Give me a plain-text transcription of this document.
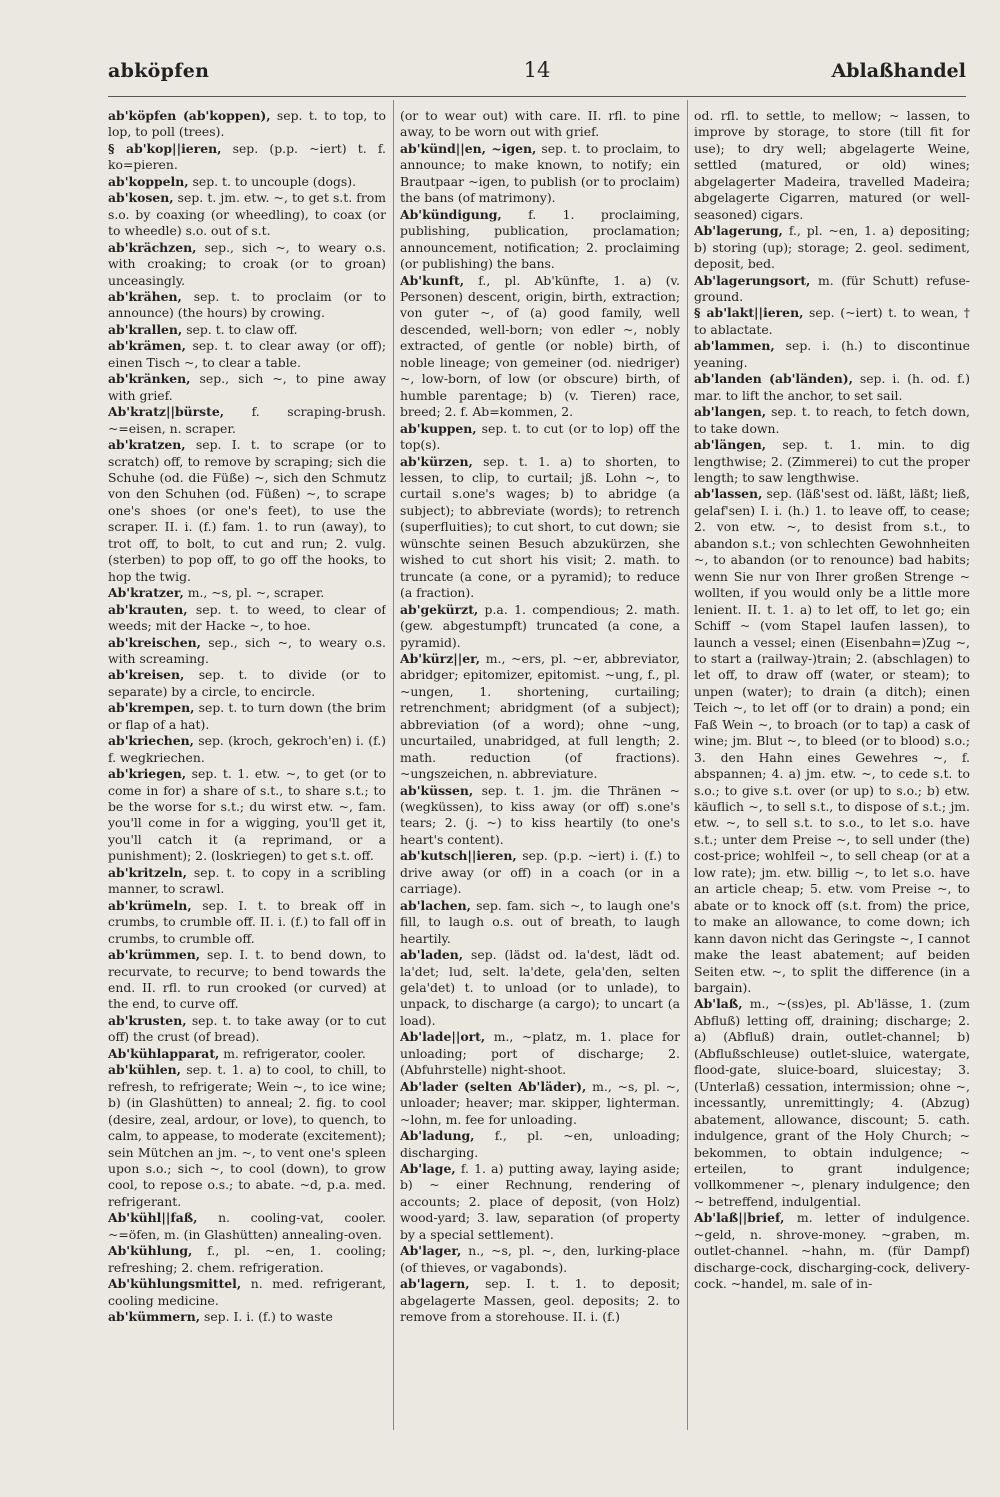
abköpfen	14	Ablaßhandel

ab'köpfen (ab'koppen), sep. t. to top, to lop, to poll (trees).

§ ab'kop||ieren, sep. (p.p. ~iert) t. f. ko=pieren.

ab'koppeln, sep. t. to uncouple (dogs).

ab'kosen, sep. t. jm. etw. ~, to get s.t. from s.o. by coaxing (or wheedling), to coax (or to wheedle) s.o. out of s.t.

ab'krächzen, sep., sich ~, to weary o.s. with croaking; to croak (or to groan) unceasingly.

ab'krähen, sep. t. to proclaim (or to announce) (the hours) by crowing.

ab'krallen, sep. t. to claw off.

ab'krämen, sep. t. to clear away (or off); einen Tisch ~, to clear a table.

ab'kränken, sep., sich ~, to pine away with grief.

Ab'kratz||bürste, f. scraping-brush. ~=eisen, n. scraper.

ab'kratzen, sep. I. t. to scrape (or to scratch) off, to remove by scraping; sich die Schuhe (od. die Füße) ~, sich den Schmutz von den Schuhen (od. Füßen) ~, to scrape one's shoes (or one's feet), to use the scraper. II. i. (f.) fam. 1. to run (away), to trot off, to bolt, to cut and run; 2. vulg. (sterben) to pop off, to go off the hooks, to hop the twig.

Ab'kratzer, m., ~s, pl. ~, scraper.

ab'krauten, sep. t. to weed, to clear of weeds; mit der Hacke ~, to hoe.

ab'kreischen, sep., sich ~, to weary o.s. with screaming.

ab'kreisen, sep. t. to divide (or to separate) by a circle, to encircle.

ab'krempen, sep. t. to turn down (the brim or flap of a hat).

ab'kriechen, sep. (kroch, gekroch'en) i. (f.) f. wegkriechen.

ab'kriegen, sep. t. 1. etw. ~, to get (or to come in for) a share of s.t., to share s.t.; to be the worse for s.t.; du wirst etw. ~, fam. you'll come in for a wigging, you'll get it, you'll catch it (a reprimand, or a punishment); 2. (loskriegen) to get s.t. off.

ab'kritzeln, sep. t. to copy in a scribling manner, to scrawl.

ab'krümeln, sep. I. t. to break off in crumbs, to crumble off. II. i. (f.) to fall off in crumbs, to crumble off.

ab'krümmen, sep. I. t. to bend down, to recurvate, to recurve; to bend towards the end. II. rfl. to run crooked (or curved) at the end, to curve off.

ab'krusten, sep. t. to take away (or to cut off) the crust (of bread).

Ab'kühlapparat, m. refrigerator, cooler.

ab'kühlen, sep. t. 1. a) to cool, to chill, to refresh, to refrigerate; Wein ~, to ice wine; b) (in Glashütten) to anneal; 2. fig. to cool (desire, zeal, ardour, or love), to quench, to calm, to appease, to moderate (excitement); sein Mütchen an jm. ~, to vent one's spleen upon s.o.; sich ~, to cool (down), to grow cool, to repose o.s.; to abate. ~d, p.a. med. refrigerant.

Ab'kühl||faß, n. cooling-vat, cooler. ~=öfen, m. (in Glashütten) annealing-oven.

Ab'kühlung, f., pl. ~en, 1. cooling; refreshing; 2. chem. refrigeration.

Ab'kühlungsmittel, n. med. refrigerant, cooling medicine.

ab'kümmern, sep. I. i. (f.) to waste

(or to wear out) with care. II. rfl. to pine away, to be worn out with grief.

ab'künd||en, ~igen, sep. t. to proclaim, to announce; to make known, to notify; ein Brautpaar ~igen, to publish (or to proclaim) the bans (of matrimony).

Ab'kündigung, f. 1. proclaiming, publishing, publication, proclamation; announcement, notification; 2. proclaiming (or publishing) the bans.

Ab'kunft, f., pl. Ab'künfte, 1. a) (v. Personen) descent, origin, birth, extraction; von guter ~, of (a) good family, well descended, well-born; von edler ~, nobly extracted, of gentle (or noble) birth, of noble lineage; von gemeiner (od. niedriger) ~, low-born, of low (or obscure) birth, of humble parentage; b) (v. Tieren) race, breed; 2. f. Ab=kommen, 2.

ab'kuppen, sep. t. to cut (or to lop) off the top(s).

ab'kürzen, sep. t. 1. a) to shorten, to lessen, to clip, to curtail; jß. Lohn ~, to curtail s.one's wages; b) to abridge (a subject); to abbreviate (words); to retrench (superfluities); to cut short, to cut down; sie wünschte seinen Besuch abzukürzen, she wished to cut short his visit; 2. math. to truncate (a cone, or a pyramid); to reduce (a fraction).

ab'gekürzt, p.a. 1. compendious; 2. math. (gew. abgestumpft) truncated (a cone, a pyramid).

Ab'kürz||er, m., ~ers, pl. ~er, abbreviator, abridger; epitomizer, epitomist. ~ung, f., pl. ~ungen, 1. shortening, curtailing; retrenchment; abridgment (of a subject); abbreviation (of a word); ohne ~ung, uncurtailed, unabridged, at full length; 2. math. reduction (of fractions). ~ungszeichen, n. abbreviature.

ab'küssen, sep. t. 1. jm. die Thränen ~ (wegküssen), to kiss away (or off) s.one's tears; 2. (j. ~) to kiss heartily (to one's heart's content).

ab'kutsch||ieren, sep. (p.p. ~iert) i. (f.) to drive away (or off) in a coach (or in a carriage).

ab'lachen, sep. fam. sich ~, to laugh one's fill, to laugh o.s. out of breath, to laugh heartily.

ab'laden, sep. (lädst od. la'dest, lädt od. la'det; lud, selt. la'dete, gela'den, selten gela'det) t. to unload (or to unlade), to unpack, to discharge (a cargo); to uncart (a load).

Ab'lade||ort, m., ~platz, m. 1. place for unloading; port of discharge; 2. (Abfuhrstelle) night-shoot.

Ab'lader (selten Ab'läder), m., ~s, pl. ~, unloader; heaver; mar. skipper, lighterman. ~lohn, m. fee for unloading.

Ab'ladung, f., pl. ~en, unloading; discharging.

Ab'lage, f. 1. a) putting away, laying aside; b) ~ einer Rechnung, rendering of accounts; 2. place of deposit, (von Holz) wood-yard; 3. law, separation (of property by a special settlement).

Ab'lager, n., ~s, pl. ~, den, lurking-place (of thieves, or vagabonds).

ab'lagern, sep. I. t. 1. to deposit; abgelagerte Massen, geol. deposits; 2. to remove from a storehouse. II. i. (f.)

od. rfl. to settle, to mellow; ~ lassen, to improve by storage, to store (till fit for use); to dry well; abgelagerte Weine, settled (matured, or old) wines; abgelagerter Madeira, travelled Madeira; abgelagerte Cigarren, matured (or well-seasoned) cigars.

Ab'lagerung, f., pl. ~en, 1. a) depositing; b) storing (up); storage; 2. geol. sediment, deposit, bed.

Ab'lagerungsort, m. (für Schutt) refuse-ground.

§ ab'lakt||ieren, sep. (~iert) t. to wean, † to ablactate.

ab'lammen, sep. i. (h.) to discontinue yeaning.

ab'landen (ab'länden), sep. i. (h. od. f.) mar. to lift the anchor, to set sail.

ab'langen, sep. t. to reach, to fetch down, to take down.

ab'längen, sep. t. 1. min. to dig lengthwise; 2. (Zimmerei) to cut the proper length; to saw lengthwise.

ab'lassen, sep. (läß'sest od. läßt, läßt; ließ, gelaf'sen) I. i. (h.) 1. to leave off, to cease; 2. von etw. ~, to desist from s.t., to abandon s.t.; von schlechten Gewohnheiten ~, to abandon (or to renounce) bad habits; wenn Sie nur von Ihrer großen Strenge ~ wollten, if you would only be a little more lenient. II. t. 1. a) to let off, to let go; ein Schiff ~ (vom Stapel laufen lassen), to launch a vessel; einen (Eisenbahn=)Zug ~, to start a (railway-)train; 2. (abschlagen) to let off, to draw off (water, or steam); to unpen (water); to drain (a ditch); einen Teich ~, to let off (or to drain) a pond; ein Faß Wein ~, to broach (or to tap) a cask of wine; jm. Blut ~, to bleed (or to blood) s.o.; 3. den Hahn eines Gewehres ~, f. abspannen; 4. a) jm. etw. ~, to cede s.t. to s.o.; to give s.t. over (or up) to s.o.; b) etw. käuflich ~, to sell s.t., to dispose of s.t.; jm. etw. ~, to sell s.t. to s.o., to let s.o. have s.t.; unter dem Preise ~, to sell under (the) cost-price; wohlfeil ~, to sell cheap (or at a low rate); jm. etw. billig ~, to let s.o. have an article cheap; 5. etw. vom Preise ~, to abate or to knock off (s.t. from) the price, to make an allowance, to come down; ich kann davon nicht das Geringste ~, I cannot make the least abatement; auf beiden Seiten etw. ~, to split the difference (in a bargain).

Ab'laß, m., ~(ss)es, pl. Ab'lässe, 1. (zum Abfluß) letting off, draining; discharge; 2. a) (Abfluß) drain, outlet-channel; b) (Abflußschleuse) outlet-sluice, watergate, flood-gate, sluice-board, sluicestay; 3. (Unterlaß) cessation, intermission; ohne ~, incessantly, unremittingly; 4. (Abzug) abatement, allowance, discount; 5. cath. indulgence, grant of the Holy Church; ~ bekommen, to obtain indulgence; ~ erteilen, to grant indulgence; vollkommener ~, plenary indulgence; den ~ betreffend, indulgential.

Ab'laß||brief, m. letter of indulgence. ~geld, n. shrove-money. ~graben, m. outlet-channel. ~hahn, m. (für Dampf) discharge-cock, discharging-cock, delivery-cock. ~handel, m. sale of in-
